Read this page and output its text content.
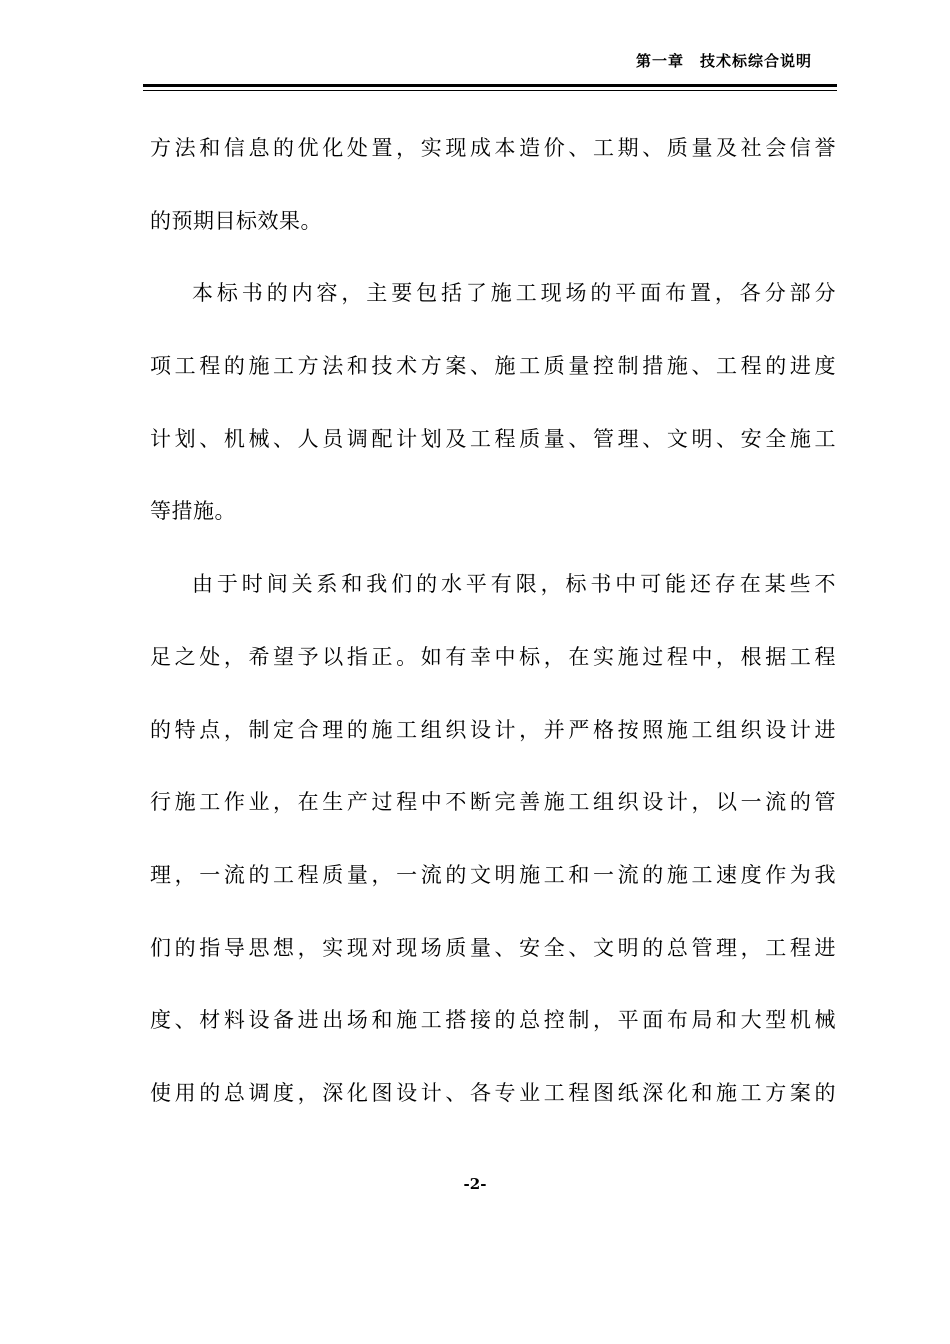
第一章　技术标综合说明
方法和信息的优化处置，实现成本造价、工期、质量及社会信誉
的预期目标效果。
本标书的内容，主要包括了施工现场的平面布置，各分部分
项工程的施工方法和技术方案、施工质量控制措施、工程的进度
计划、机械、人员调配计划及工程质量、管理、文明、安全施工
等措施。
由于时间关系和我们的水平有限，标书中可能还存在某些不
足之处，希望予以指正。如有幸中标，在实施过程中，根据工程
的特点，制定合理的施工组织设计，并严格按照施工组织设计进
行施工作业，在生产过程中不断完善施工组织设计，以一流的管
理，一流的工程质量，一流的文明施工和一流的施工速度作为我
们的指导思想，实现对现场质量、安全、文明的总管理，工程进
度、材料设备进出场和施工搭接的总控制，平面布局和大型机械
使用的总调度，深化图设计、各专业工程图纸深化和施工方案的
-2-
